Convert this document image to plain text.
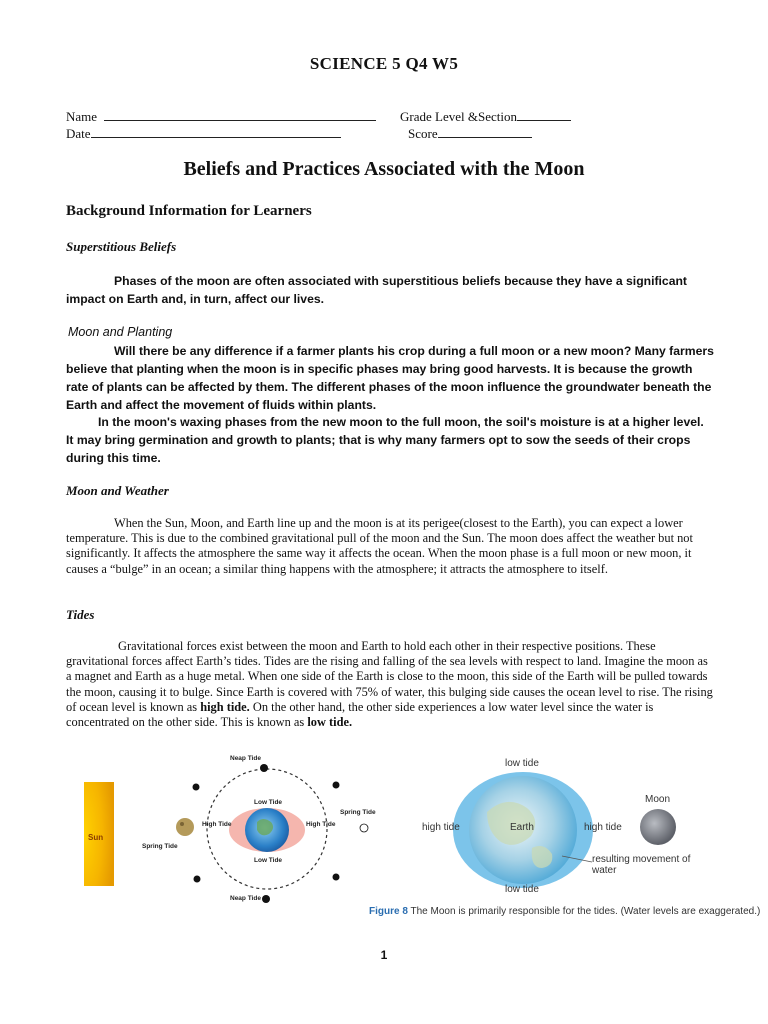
SCIENCE 5 Q4 W5
Name	Grade Level &Section
Date	Score
Beliefs and Practices Associated with the Moon
Background Information for Learners
Superstitious Beliefs
Phases of the moon are often associated with superstitious beliefs because they have a significant impact on Earth and, in turn, affect our lives.
Moon and Planting
Will there be any difference if a farmer plants his crop during a full moon or a new moon? Many farmers believe that planting when the moon is in specific phases may bring good harvests. It is because the growth rate of plants can be affected by them. The different phases of the moon influence the groundwater beneath the Earth and affect the movement of fluids within plants.
In the moon's waxing phases from the new moon to the full moon, the soil's moisture is at a higher level. It may bring germination and growth to plants; that is why many farmers opt to sow the seeds of their crops during this time.
Moon and Weather
When the Sun, Moon, and Earth line up and the moon is at its perigee(closest to the Earth), you can expect a lower temperature. This is due to the combined gravitational pull of the moon and the Sun. The moon does affect the weather but not significantly. It affects the atmosphere the same way it affects the ocean. When the moon phase is a full moon or new moon, it causes a “bulge” in an ocean; a similar thing happens with the atmosphere; it attracts the atmosphere to itself.
Tides
Gravitational forces exist between the moon and Earth to hold each other in their respective positions. These gravitational forces affect Earth’s tides. Tides are the rising and falling of the sea levels with respect to land. Imagine the moon as a magnet and Earth as a huge metal. When one side of the Earth is close to the moon, this side of the Earth will be pulled towards the moon, causing it to bulge. Since Earth is covered with 75% of water, this bulging side causes the ocean level to rise. The rising of ocean level is known as high tide. On the other hand, the other side experiences a low water level since the water is concentrated on the other side. This is known as low tide.
Sun
Neap Tide
Spring Tide
Spring Tide
Neap Tide
Low Tide
Low Tide
High Tide	High Tide
low tide
low tide
high tide	high tide
Earth
Moon
resulting movement of water
Figure 8 The Moon is primarily responsible for the tides. (Water levels are exaggerated.)
1
